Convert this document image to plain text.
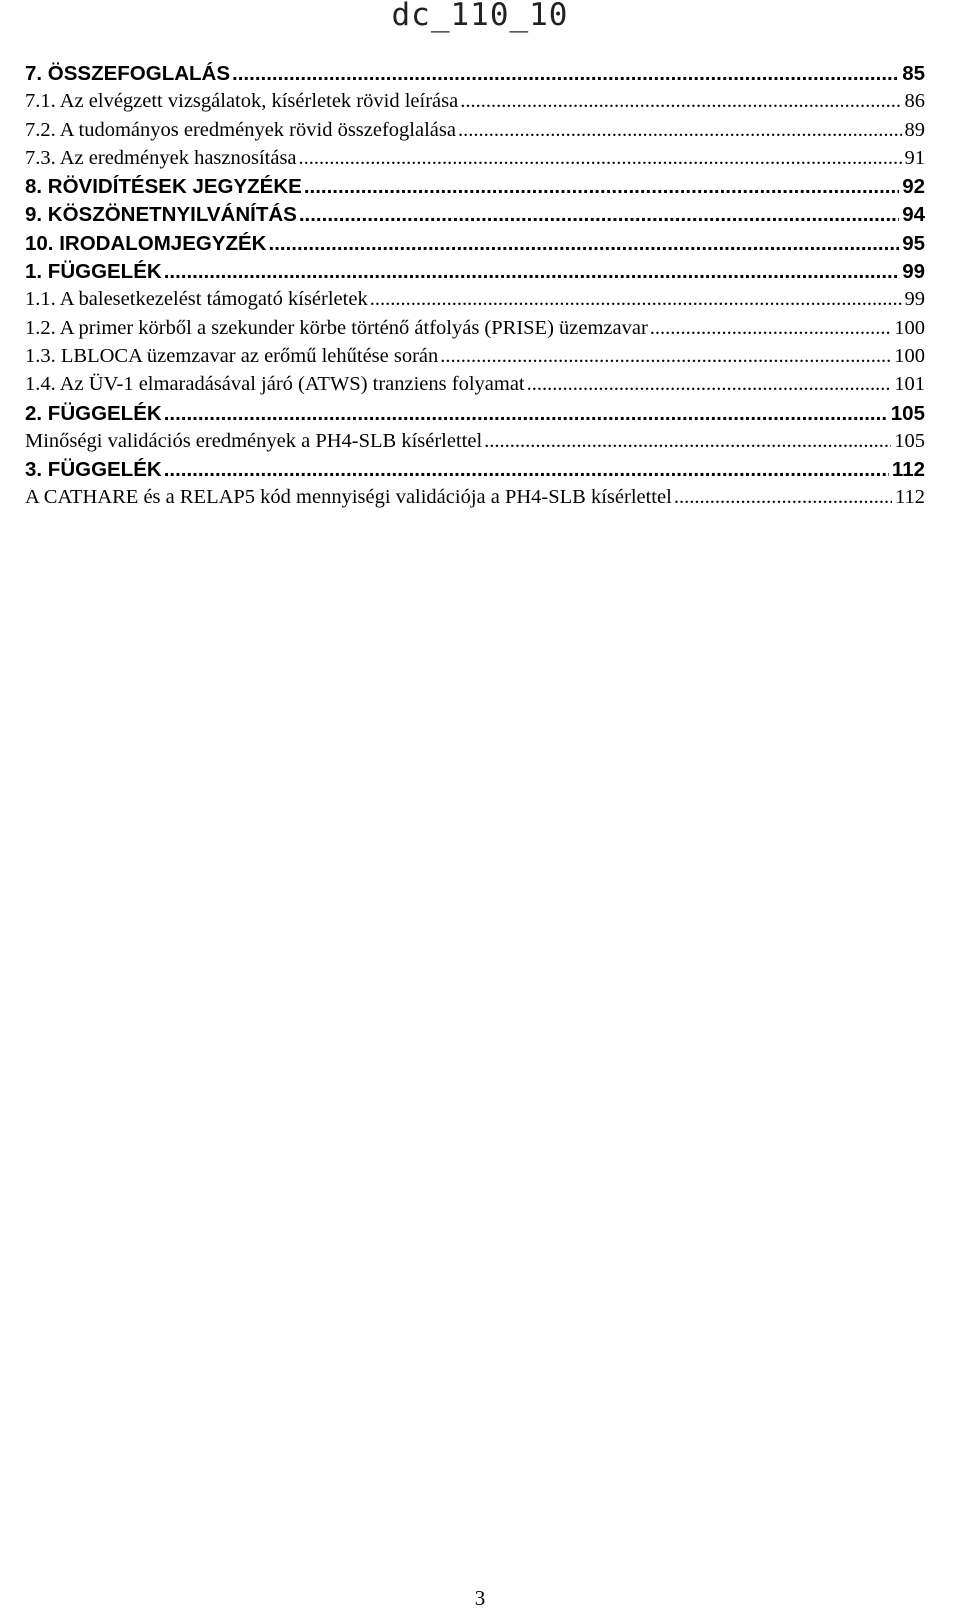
dc_110_10
7. ÖSSZEFOGLALÁS .....	85
7.1. Az elvégzett vizsgálatok, kísérletek rövid leírása .....	86
7.2. A tudományos eredmények rövid összefoglalása .....	89
7.3. Az eredmények hasznosítása .....	91
8. RÖVIDÍTÉSEK JEGYZÉKE .....	92
9. KÖSZÖNETNYILVÁNÍTÁS .....	94
10. IRODALOMJEGYZÉK .....	95
1. FÜGGELÉK .....	99
1.1. A balesetkezelést támogató kísérletek .....	99
1.2. A primer körből a szekunder körbe történő átfolyás (PRISE) üzemzavar .....	100
1.3. LBLOCA üzemzavar az erőmű lehűtése során .....	100
1.4. Az ÜV-1 elmaradásával járó (ATWS) tranziens folyamat .....	101
2. FÜGGELÉK .....	105
Minőségi validációs eredmények a PH4-SLB kísérlettel .....	105
3. FÜGGELÉK .....	112
A CATHARE és a RELAP5 kód mennyiségi validációja a PH4-SLB kísérlettel .....	112
3
